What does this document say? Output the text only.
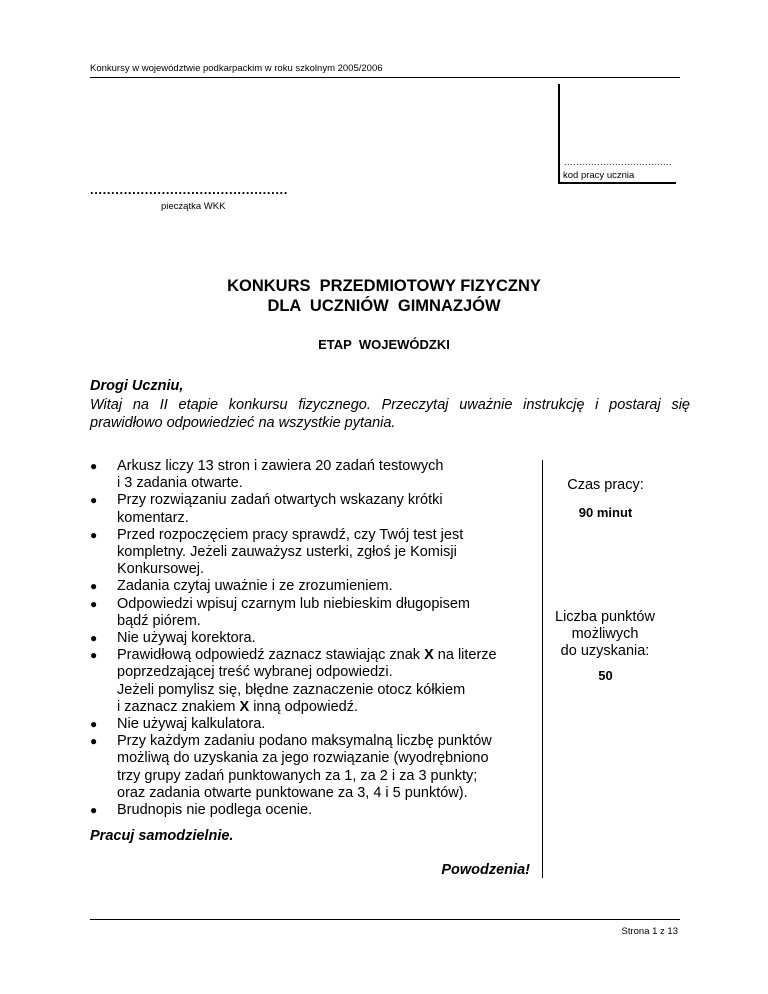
Konkursy w województwie podkarpackim w roku szkolnym 2005/2006
....................................
kod pracy ucznia
...............................................
pieczątka WKK
KONKURS  PRZEDMIOTOWY FIZYCZNY
DLA  UCZNIÓW  GIMNAZJÓW
ETAP  WOJEWÓDZKI
Drogi Uczniu,
Witaj na II etapie konkursu fizycznego. Przeczytaj uważnie instrukcję i postaraj się prawidłowo odpowiedzieć na wszystkie pytania.
● Arkusz liczy 13 stron i zawiera 20 zadań testowych
i 3 zadania otwarte.
● Przy rozwiązaniu zadań otwartych wskazany krótki
komentarz.
● Przed rozpoczęciem pracy sprawdź, czy Twój test jest
kompletny. Jeżeli zauważysz usterki, zgłoś je Komisji
Konkursowej.
● Zadania czytaj uważnie i ze zrozumieniem.
● Odpowiedzi wpisuj czarnym lub niebieskim długopisem
bądź piórem.
● Nie używaj korektora.
● Prawidłową odpowiedź zaznacz stawiając znak X na literze
poprzedzającej treść wybranej odpowiedzi.
Jeżeli pomylisz się, błędne zaznaczenie otocz kółkiem
i zaznacz znakiem X inną odpowiedź.
● Nie używaj kalkulatora.
● Przy każdym zadaniu podano maksymalną liczbę punktów
możliwą do uzyskania za jego rozwiązanie (wyodrębniono
trzy grupy zadań punktowanych za 1, za 2 i za 3 punkty;
oraz zadania otwarte punktowane za 3, 4 i 5 punktów).
● Brudnopis nie podlega ocenie.
Czas pracy:
90 minut
Liczba punktów
możliwych
do uzyskania:
50
Pracuj samodzielnie.
Powodzenia!
Strona 1 z 13
